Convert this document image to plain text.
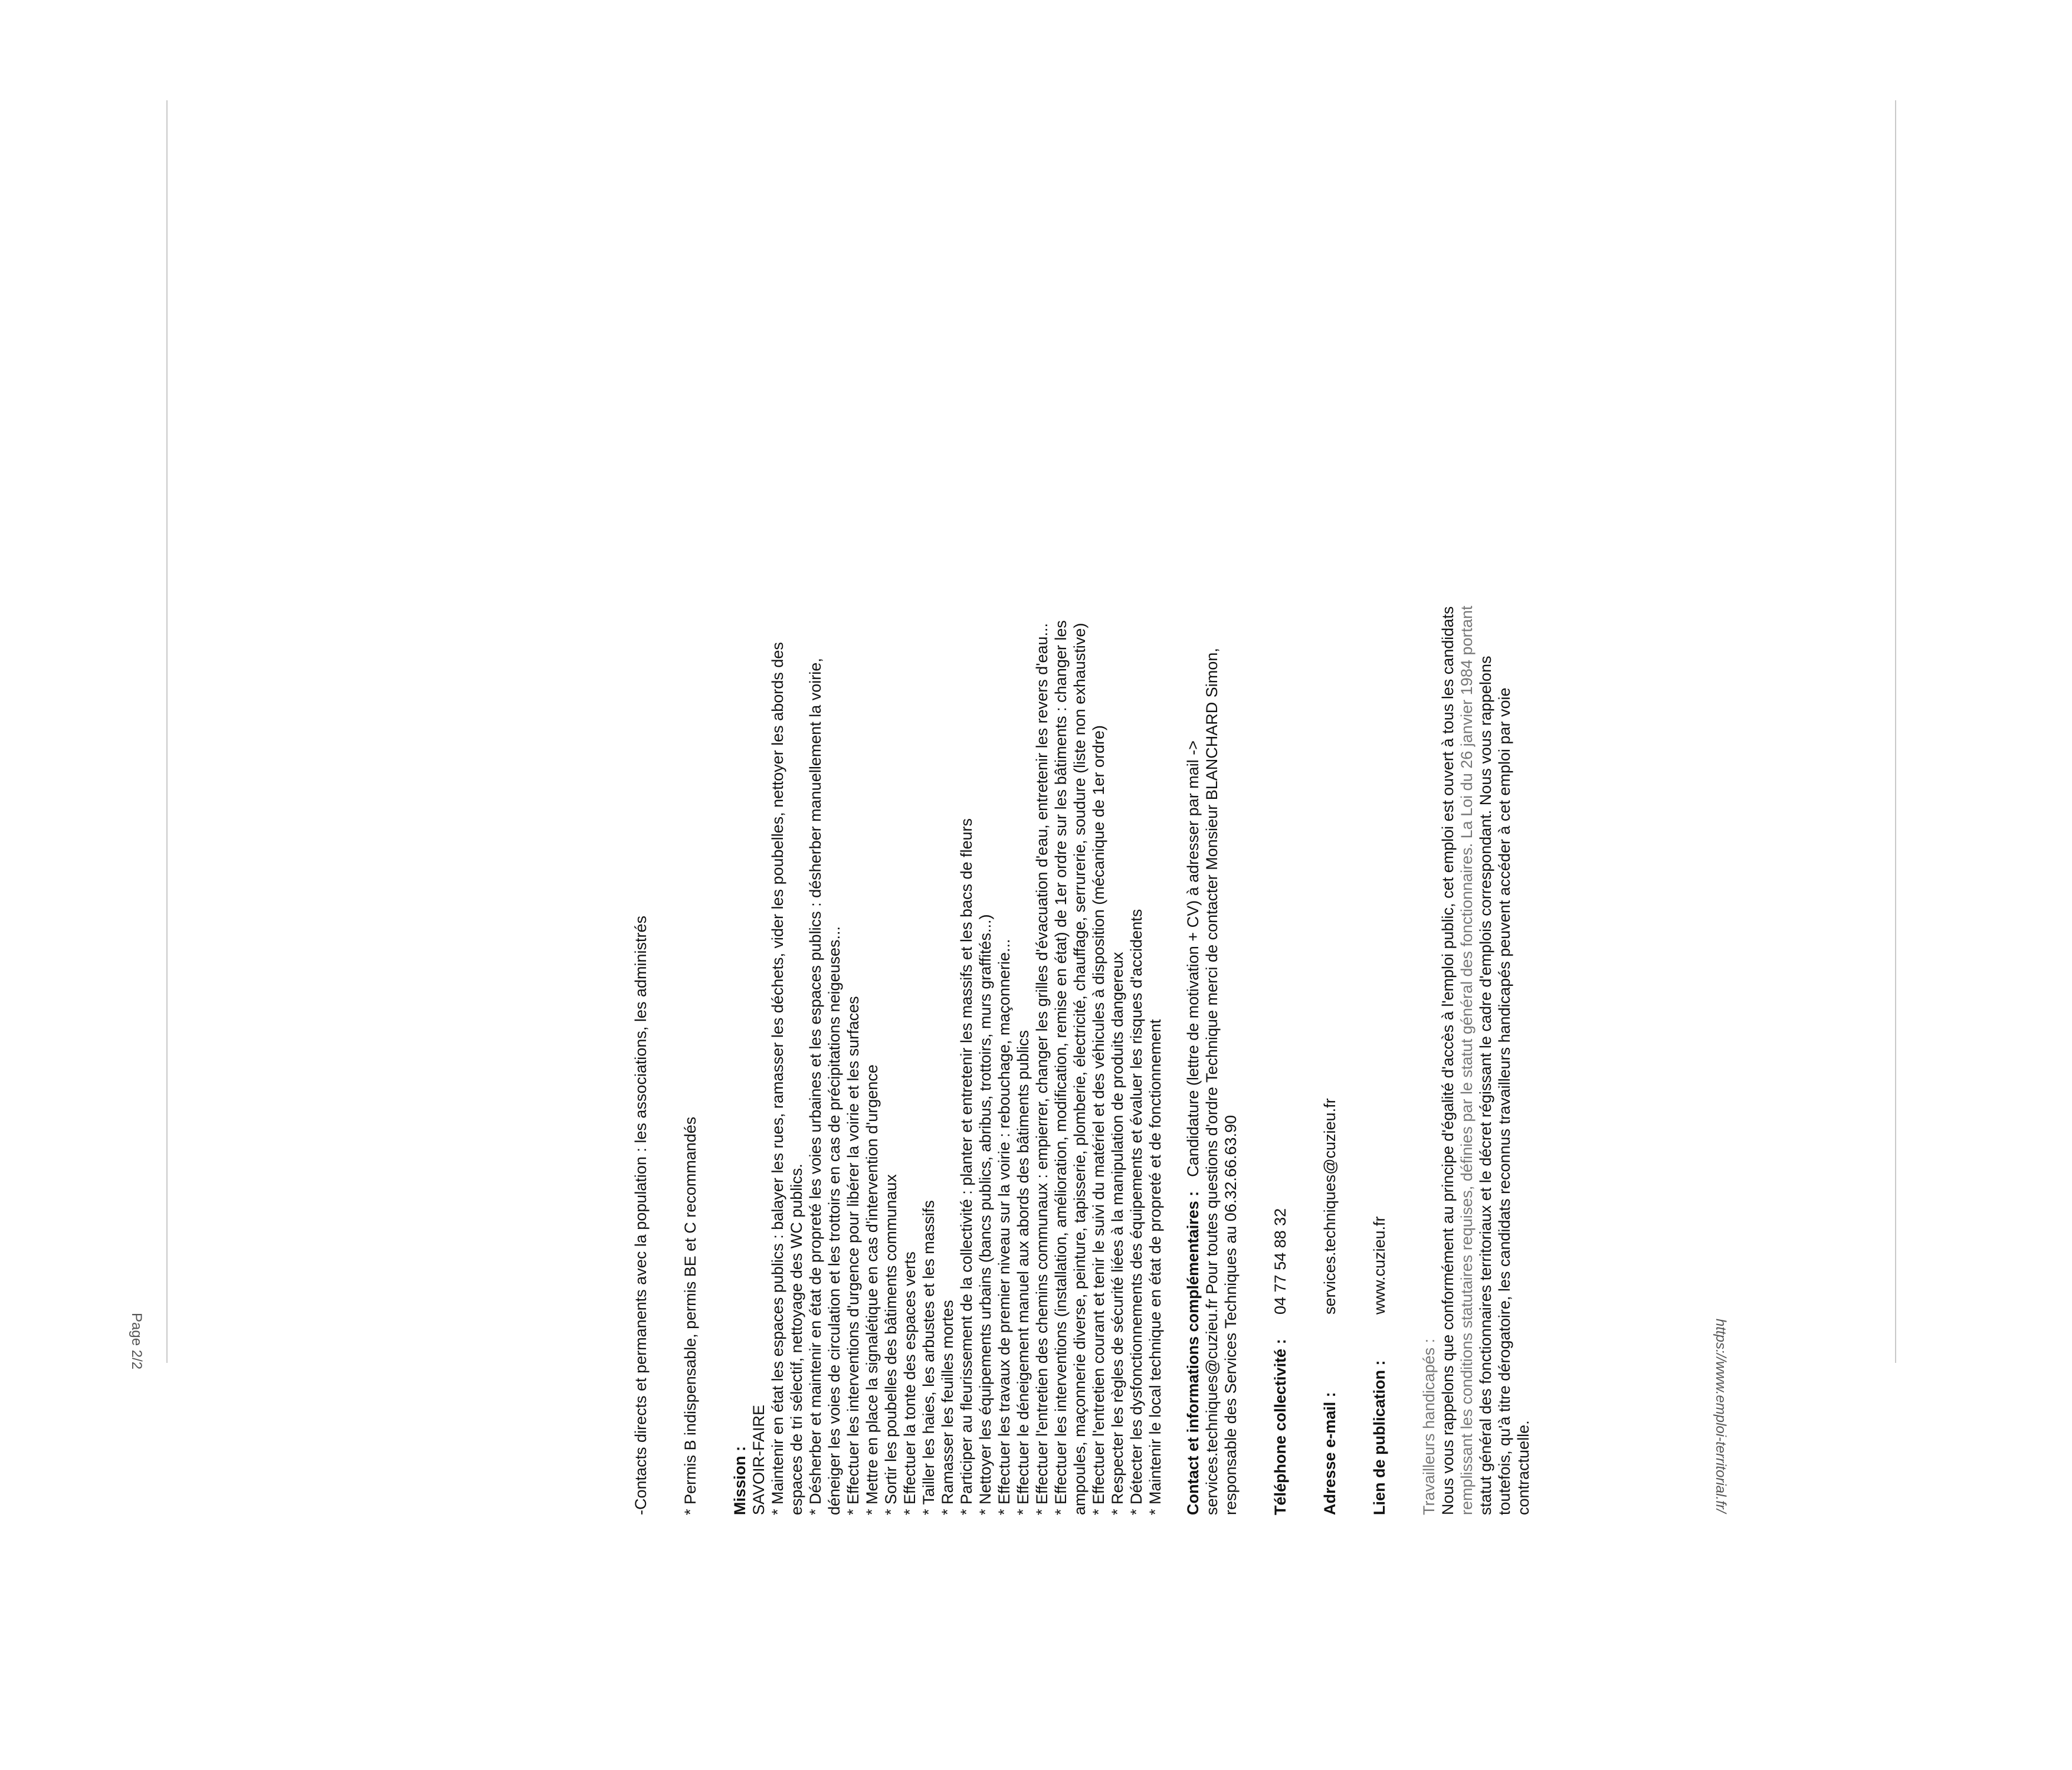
https://www.emploi-territorial.fr/
Page 2/2	-Contacts directs et permanents avec la population : les associations, les administrés * Permis B indispensable, permis BE et C recommandés Mission : SAVOIR-FAIRE * Maintenir en état les espaces publics : balayer les rues, ramasser les déchets, vider les poubelles, nettoyer les abords des espaces de tri sélectif, nettoyage des WC publics. * Désherber et maintenir en état de propreté les voies urbaines et les espaces publics : désherber manuellement la voirie, déneiger les voies de circulation et les trottoirs en cas de précipitations neigeuses... * Effectuer les interventions d'urgence pour libérer la voirie et les surfaces * Mettre en place la signalétique en cas d'intervention d'urgence * Sortir les poubelles des bâtiments communaux * Effectuer la tonte des espaces verts * Tailler les haies, les arbustes et les massifs * Ramasser les feuilles mortes * Participer au fleurissement de la collectivité : planter et entretenir les massifs et les bacs de fleurs * Nettoyer les équipements urbains (bancs publics, abribus, trottoirs, murs graffités...) * Effectuer les travaux de premier niveau sur la voirie : rebouchage, maçonnerie... * Effectuer le déneigement manuel aux abords des bâtiments publics * Effectuer l'entretien des chemins communaux : empierrer, changer les grilles d'évacuation d'eau, entretenir les revers d'eau... * Effectuer les interventions (installation, amélioration, modification, remise en état) de 1er ordre sur les bâtiments : changer les ampoules, maçonnerie diverse, peinture, tapisserie, plomberie, électricité, chauffage, serrurerie, soudure (liste non exhaustive) * Effectuer l'entretien courant et tenir le suivi du matériel et des véhicules à disposition (mécanique de 1er ordre) * Respecter les règles de sécurité liées à la manipulation de produits dangereux * Détecter les dysfonctionnements des équipements et évaluer les risques d'accidents * Maintenir le local technique en état de propreté et de fonctionnement Contact et informations complémentaires :
Candidature (lettre de motivation + CV) à adresser par mail -> services.techniques@cuzieu.fr Pour toutes questions d'ordre Technique merci de contacter Monsieur BLANCHARD Simon, responsable des Services Techniques au 06.32.66.63.90 Téléphone collectivité :
04 77 54 88 32
Adresse e-mail :
services.techniques@cuzieu.fr
Lien de publication :
www.cuzieu.fr
Travailleurs handicapés : Nous vous rappelons que conformément au principe d'égalité d'accès à l'emploi public, cet emploi est ouvert à tous les candidats remplissant les conditions statutaires requises, définies par le statut général des fonctionnaires. La Loi du 26 janvier 1984 portant statut général des fonctionnaires territoriaux et le décret régissant le cadre d'emplois correspondant. Nous vous rappelons toutefois, qu'à titre dérogatoire, les candidats reconnus travailleurs handicapés peuvent accéder à cet emploi par voie contractuelle.
